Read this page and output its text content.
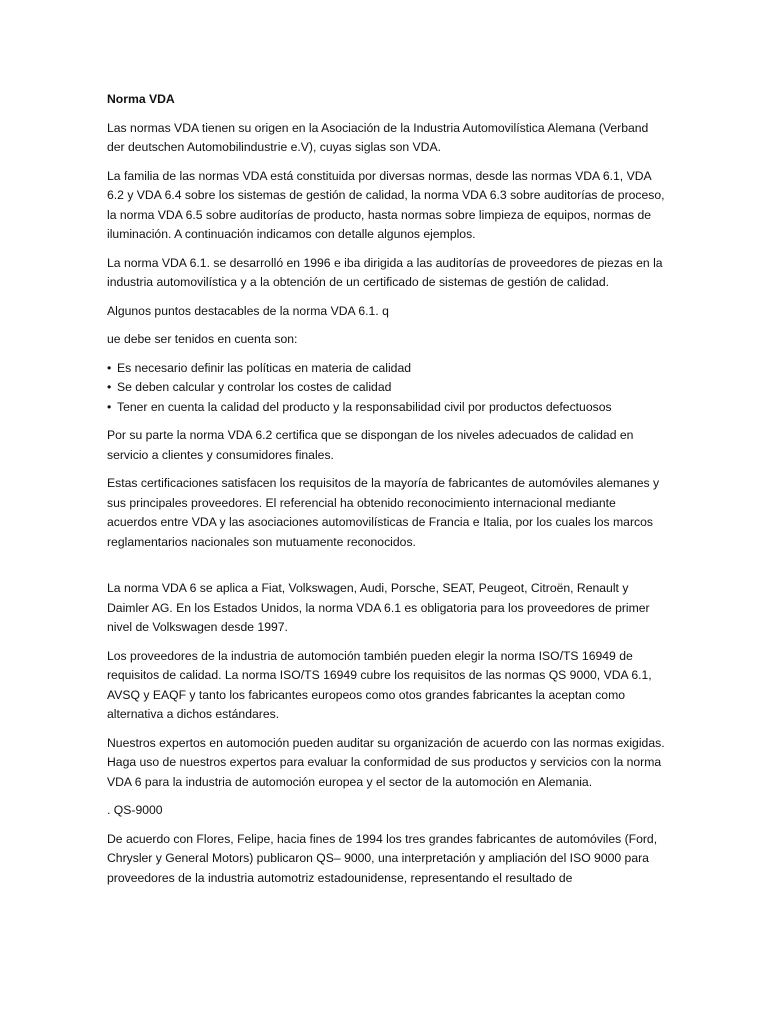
Norma VDA

Las normas VDA tienen su origen en la Asociación de la Industria Automovilística Alemana (Verband der deutschen Automobilindustrie e.V), cuyas siglas son VDA.

La familia de las normas VDA está constituida por diversas normas, desde las normas VDA 6.1, VDA 6.2 y VDA 6.4 sobre los sistemas de gestión de calidad, la norma VDA 6.3 sobre auditorías de proceso, la norma VDA 6.5 sobre auditorías de producto, hasta normas sobre limpieza de equipos, normas de iluminación. A continuación indicamos con detalle algunos ejemplos.

La norma VDA 6.1. se desarrolló en 1996 e iba dirigida a las auditorías de proveedores de piezas en la industria automovilística y a la obtención de un certificado de sistemas de gestión de calidad.

Algunos puntos destacables de la norma VDA 6.1. q

ue debe ser tenidos en cuenta son:

• Es necesario definir las políticas en materia de calidad
• Se deben calcular y controlar los costes de calidad
• Tener en cuenta la calidad del producto y la responsabilidad civil por productos defectuosos

Por su parte la norma VDA 6.2 certifica que se dispongan de los niveles adecuados de calidad en servicio a clientes y consumidores finales.

Estas certificaciones satisfacen los requisitos de la mayoría de fabricantes de automóviles alemanes y sus principales proveedores. El referencial ha obtenido reconocimiento internacional mediante acuerdos entre VDA y las asociaciones automovilísticas de Francia e Italia, por los cuales los marcos reglamentarios nacionales son mutuamente reconocidos.

La norma VDA 6 se aplica a Fiat, Volkswagen, Audi, Porsche, SEAT, Peugeot, Citroën, Renault y Daimler AG. En los Estados Unidos, la norma VDA 6.1 es obligatoria para los proveedores de primer nivel de Volkswagen desde 1997.

Los proveedores de la industria de automoción también pueden elegir la norma ISO/TS 16949 de requisitos de calidad. La norma ISO/TS 16949 cubre los requisitos de las normas QS 9000, VDA 6.1, AVSQ y EAQF y tanto los fabricantes europeos como otos grandes fabricantes la aceptan como alternativa a dichos estándares.

Nuestros expertos en automoción pueden auditar su organización de acuerdo con las normas exigidas. Haga uso de nuestros expertos para evaluar la conformidad de sus productos y servicios con la norma VDA 6 para la industria de automoción europea y el sector de la automoción en Alemania.

. QS-9000

De acuerdo con Flores, Felipe, hacia fines de 1994 los tres grandes fabricantes de automóviles (Ford, Chrysler y General Motors) publicaron QS– 9000, una interpretación y ampliación del ISO 9000 para proveedores de la industria automotriz estadounidense, representando el resultado de
